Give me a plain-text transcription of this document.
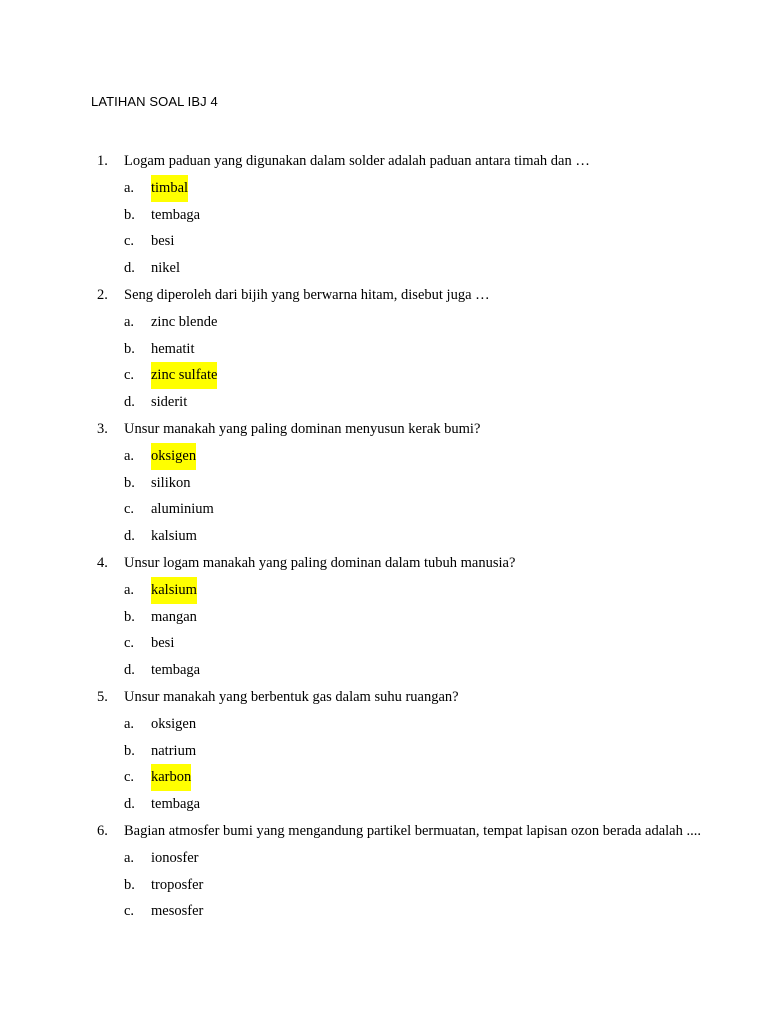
LATIHAN SOAL IBJ 4
1. Logam paduan yang digunakan dalam solder adalah paduan antara timah dan …
a. timbal
b. tembaga
c. besi
d. nikel
2. Seng diperoleh dari bijih yang berwarna hitam, disebut juga …
a. zinc blende
b. hematit
c. zinc sulfate
d. siderit
3. Unsur manakah yang paling dominan menyusun kerak bumi?
a. oksigen
b. silikon
c. aluminium
d. kalsium
4. Unsur logam manakah yang paling dominan dalam tubuh manusia?
a. kalsium
b. mangan
c. besi
d. tembaga
5. Unsur manakah yang berbentuk gas dalam suhu ruangan?
a. oksigen
b. natrium
c. karbon
d. tembaga
6. Bagian atmosfer bumi yang mengandung partikel bermuatan, tempat lapisan ozon berada adalah ....
a. ionosfer
b. troposfer
c. mesosfer
